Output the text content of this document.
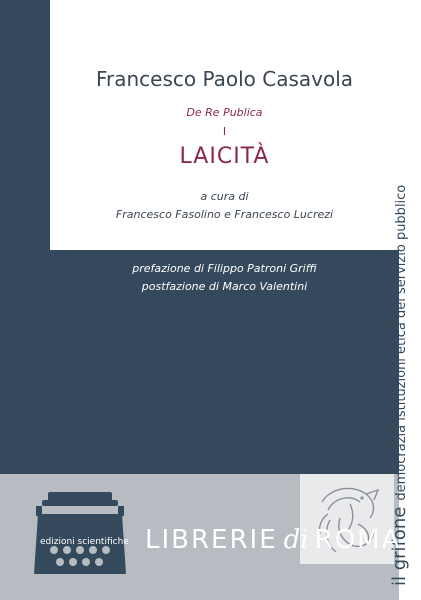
Francesco Paolo Casavola
De Re Publica
I
LAICITÀ
a cura di
Francesco Fasolino e Francesco Lucrezi
prefazione di Filippo Patroni Griffi
postfazione di Marco Valentini
il grifonedemocrazia istituzioni etica del servizio pubblico
edizioni scientifiche LIBRERIE di ROMA
